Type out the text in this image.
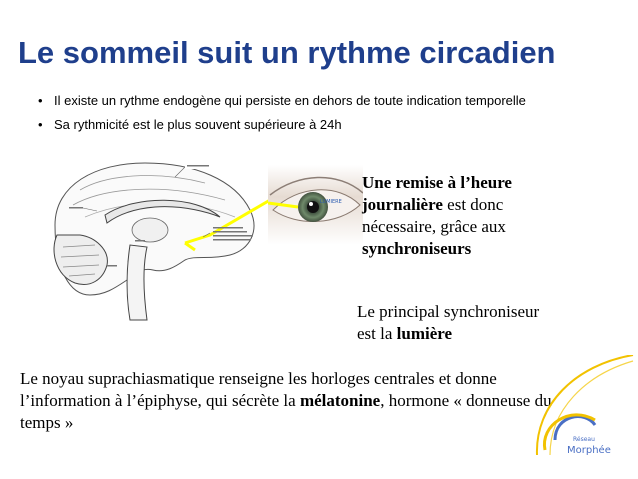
Le sommeil suit un rythme circadien
• Il existe un rythme endogène qui persiste en dehors de toute indication temporelle
• Sa rythmicité est le plus souvent supérieure à 24h
LUMIERE
Une remise à l’heure
journalière est donc
nécessaire, grâce aux
synchroniseurs
Le principal synchroniseur
est la lumière
Le noyau suprachiasmatique renseigne les horloges centrales et donne l’information à l’épiphyse, qui sécrète la mélatonine, hormone « donneuse du temps »
Réseau
Morphée
